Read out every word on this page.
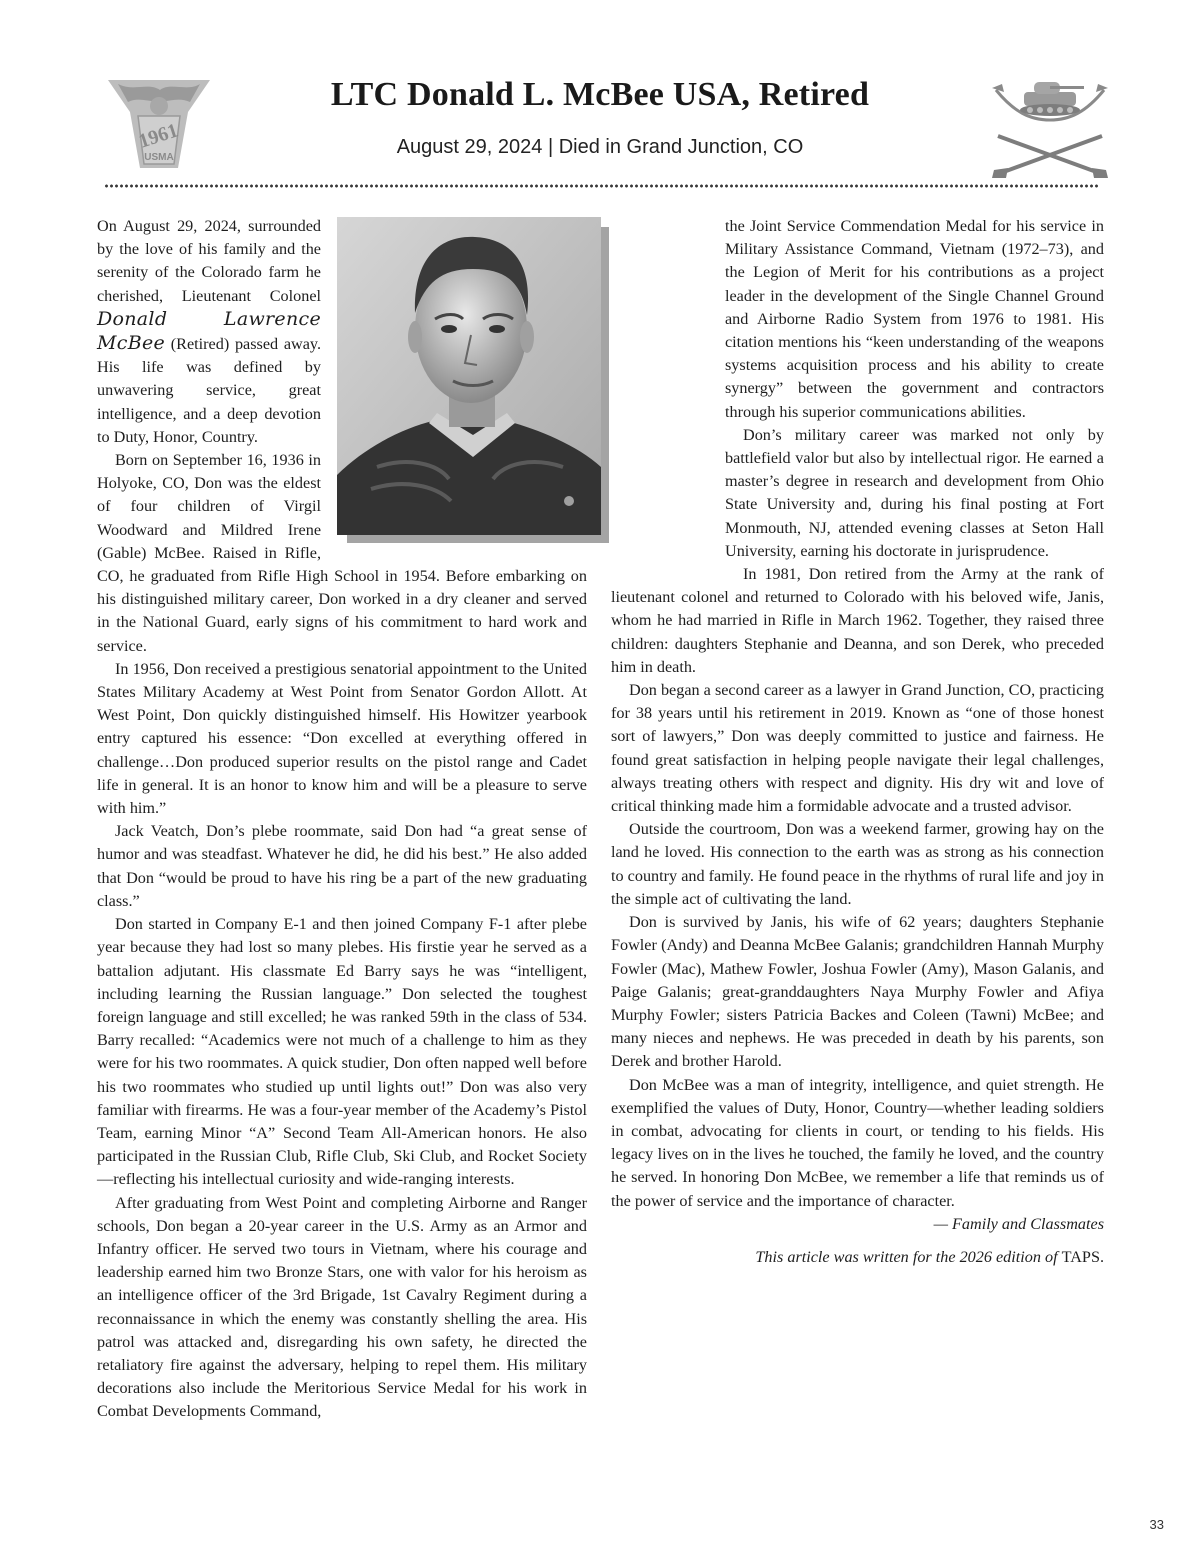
1961
USMA
LTC Donald L. McBee USA, Retired
August 29, 2024 | Died in Grand Junction, CO

On August 29, 2024, surrounded by the love of his family and the serenity of the Colorado farm he cherished, Lieutenant Colonel Donald Lawrence McBee (Retired) passed away. His life was defined by unwavering service, great intelligence, and a deep devotion to Duty, Honor, Country.

Born on September 16, 1936 in Holyoke, CO, Don was the eldest of four children of Virgil Woodward and Mildred Irene (Gable) McBee. Raised in Rifle, CO, he graduated from Rifle High School in 1954. Before embarking on his distinguished military career, Don worked in a dry cleaner and served in the National Guard, early signs of his commitment to hard work and service.

In 1956, Don received a prestigious senatorial appointment to the United States Military Academy at West Point from Senator Gordon Allott. At West Point, Don quickly distinguished himself. His Howitzer yearbook entry captured his essence: “Don excelled at everything offered in challenge…Don produced superior results on the pistol range and Cadet life in general. It is an honor to know him and will be a pleasure to serve with him.”

Jack Veatch, Don’s plebe roommate, said Don had “a great sense of humor and was steadfast. Whatever he did, he did his best.” He also added that Don “would be proud to have his ring be a part of the new graduating class.”

Don started in Company E-1 and then joined Company F-1 after plebe year because they had lost so many plebes. His firstie year he served as a battalion adjutant. His classmate Ed Barry says he was “intelligent, including learning the Russian language.” Don selected the toughest foreign language and still excelled; he was ranked 59th in the class of 534. Barry recalled: “Academics were not much of a challenge to him as they were for his two roommates. A quick studier, Don often napped well before his two roommates who studied up until lights out!” Don was also very familiar with firearms. He was a four-year member of the Academy’s Pistol Team, earning Minor “A” Second Team All-American honors. He also participated in the Russian Club, Rifle Club, Ski Club, and Rocket Society—reflecting his intellectual curiosity and wide-ranging interests.

After graduating from West Point and completing Airborne and Ranger schools, Don began a 20-year career in the U.S. Army as an Armor and Infantry officer. He served two tours in Vietnam, where his courage and leadership earned him two Bronze Stars, one with valor for his heroism as an intelligence officer of the 3rd Brigade, 1st Cavalry Regiment during a reconnaissance in which the enemy was constantly shelling the area. His patrol was attacked and, disregarding his own safety, he directed the retaliatory fire against the adversary, helping to repel them. His military decorations also include the Meritorious Service Medal for his work in Combat Developments Command,

the Joint Service Commendation Medal for his service in Military Assistance Command, Vietnam (1972–73), and the Legion of Merit for his contributions as a project leader in the development of the Single Channel Ground and Airborne Radio System from 1976 to 1981. His citation mentions his “keen understanding of the weapons systems acquisition process and his ability to create synergy” between the government and contractors through his superior communications abilities.

Don’s military career was marked not only by battlefield valor but also by intellectual rigor. He earned a master’s degree in research and development from Ohio State University and, during his final posting at Fort Monmouth, NJ, attended evening classes at Seton Hall University, earning his doctorate in jurisprudence.

In 1981, Don retired from the Army at the rank of lieutenant colonel and returned to Colorado with his beloved wife, Janis, whom he had married in Rifle in March 1962. Together, they raised three children: daughters Stephanie and Deanna, and son Derek, who preceded him in death.

Don began a second career as a lawyer in Grand Junction, CO, practicing for 38 years until his retirement in 2019. Known as “one of those honest sort of lawyers,” Don was deeply committed to justice and fairness. He found great satisfaction in helping people navigate their legal challenges, always treating others with respect and dignity. His dry wit and love of critical thinking made him a formidable advocate and a trusted advisor.

Outside the courtroom, Don was a weekend farmer, growing hay on the land he loved. His connection to the earth was as strong as his connection to country and family. He found peace in the rhythms of rural life and joy in the simple act of cultivating the land.

Don is survived by Janis, his wife of 62 years; daughters Stephanie Fowler (Andy) and Deanna McBee Galanis; grandchildren Hannah Murphy Fowler (Mac), Mathew Fowler, Joshua Fowler (Amy), Mason Galanis, and Paige Galanis; great-granddaughters Naya Murphy Fowler and Afiya Murphy Fowler; sisters Patricia Backes and Coleen (Tawni) McBee; and many nieces and nephews. He was preceded in death by his parents, son Derek and brother Harold.

Don McBee was a man of integrity, intelligence, and quiet strength. He exemplified the values of Duty, Honor, Country—whether leading soldiers in combat, advocating for clients in court, or tending to his fields. His legacy lives on in the lives he touched, the family he loved, and the country he served. In honoring Don McBee, we remember a life that reminds us of the power of service and the importance of character.

— Family and Classmates

This article was written for the 2026 edition of TAPS.
33
